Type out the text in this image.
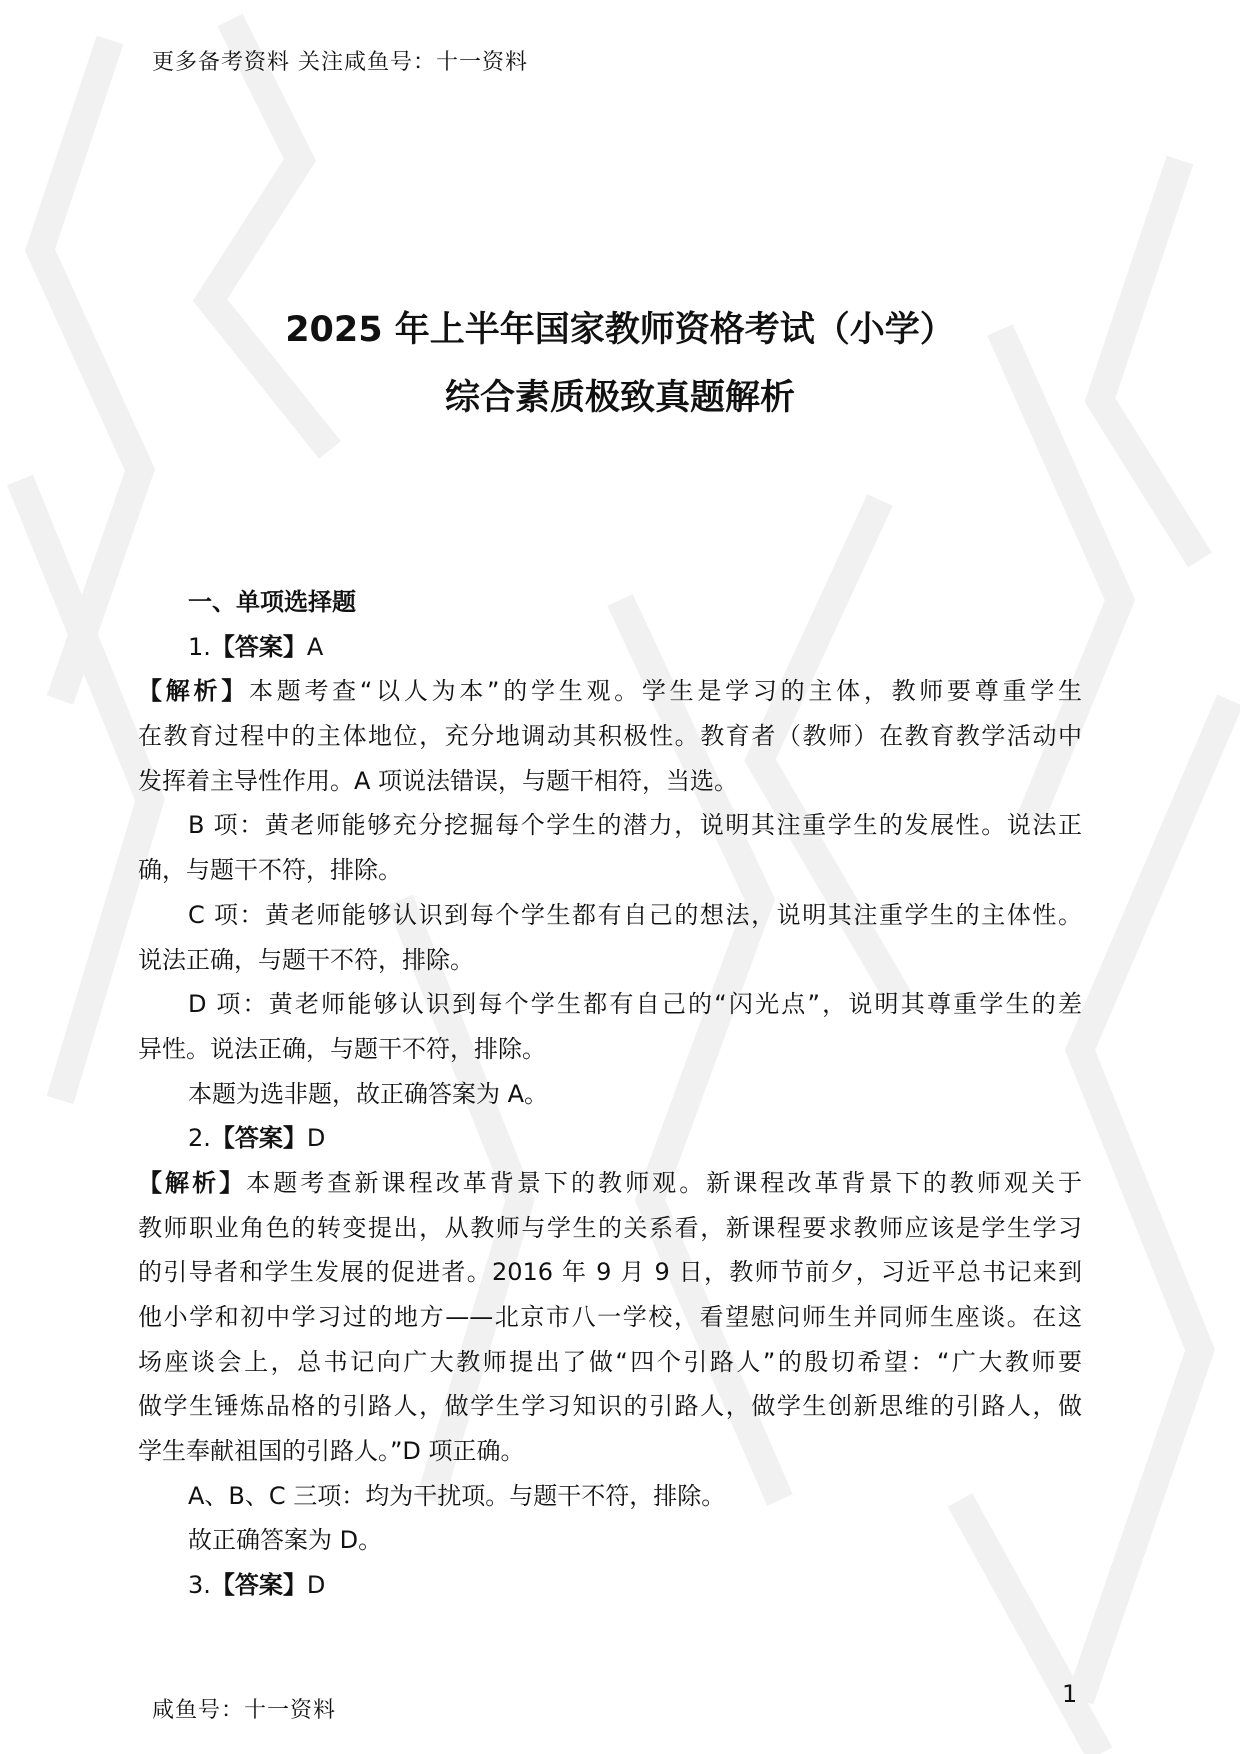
更多备考资料 关注咸鱼号：十一资料
2025 年上半年国家教师资格考试（小学）
综合素质极致真题解析
一、单项选择题
1.【答案】A
【解析】本题考查“以人为本”的学生观。学生是学习的主体，教师要尊重学生
在教育过程中的主体地位，充分地调动其积极性。教育者（教师）在教育教学活动中
发挥着主导性作用。A 项说法错误，与题干相符，当选。
B 项：黄老师能够充分挖掘每个学生的潜力，说明其注重学生的发展性。说法正
确，与题干不符，排除。
C 项：黄老师能够认识到每个学生都有自己的想法，说明其注重学生的主体性。
说法正确，与题干不符，排除。
D 项：黄老师能够认识到每个学生都有自己的“闪光点”，说明其尊重学生的差
异性。说法正确，与题干不符，排除。
本题为选非题，故正确答案为 A。
2.【答案】D
【解析】本题考查新课程改革背景下的教师观。新课程改革背景下的教师观关于
教师职业角色的转变提出，从教师与学生的关系看，新课程要求教师应该是学生学习
的引导者和学生发展的促进者。2016 年 9 月 9 日，教师节前夕，习近平总书记来到
他小学和初中学习过的地方——北京市八一学校，看望慰问师生并同师生座谈。在这
场座谈会上，总书记向广大教师提出了做“四个引路人”的殷切希望：“广大教师要
做学生锤炼品格的引路人，做学生学习知识的引路人，做学生创新思维的引路人，做
学生奉献祖国的引路人。”D 项正确。
A、B、C 三项：均为干扰项。与题干不符，排除。
故正确答案为 D。
3.【答案】D
咸鱼号：十一资料
1
